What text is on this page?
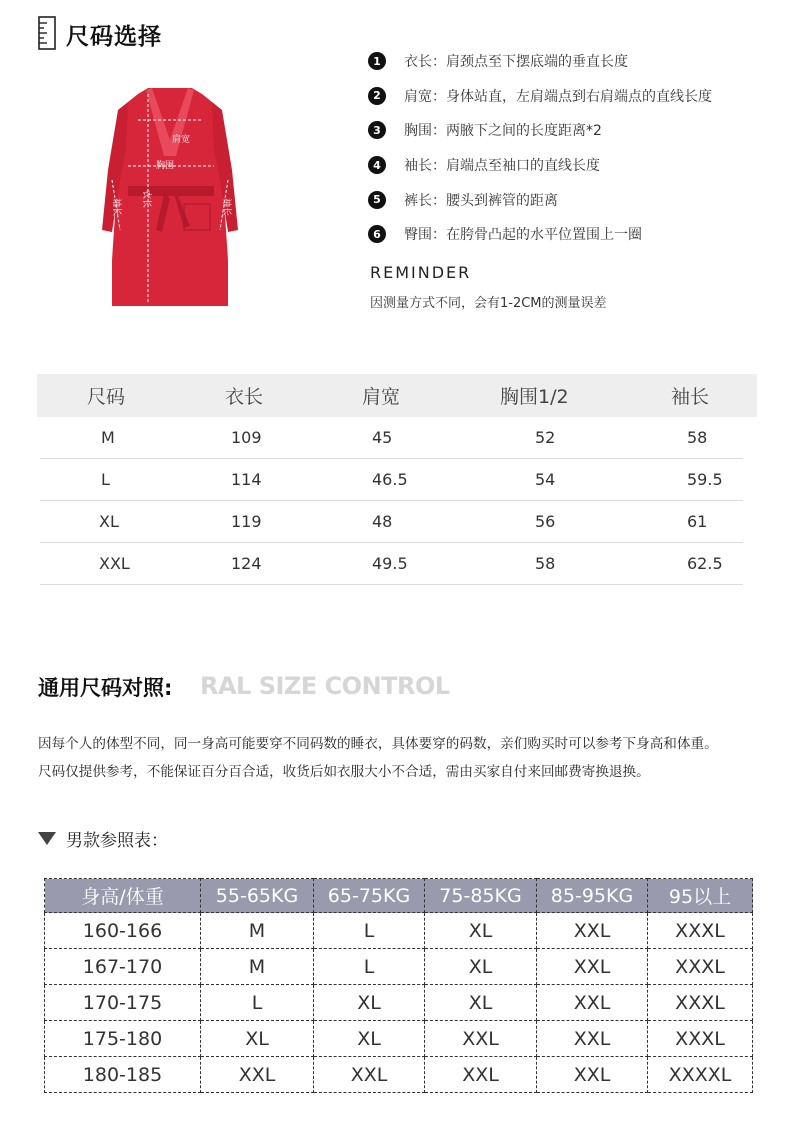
尺码选择
肩宽
胸围
衣长
袖长	袖长
1	衣长：肩颈点至下摆底端的垂直长度
2	肩宽：身体站直，左肩端点到右肩端点的直线长度
3	胸围：两腋下之间的长度距离*2
4	袖长：肩端点至袖口的直线长度
5	裤长：腰头到裤管的距离
6	臀围：在胯骨凸起的水平位置围上一圈
REMINDER
因测量方式不同，会有1-2CM的测量误差
尺码	衣长	肩宽	胸围1/2	袖长
M	109	45	52	58
L	114	46.5	54	59.5
XL	119	48	56	61
XXL	124	49.5	58	62.5
RAL SIZE CONTROL
通用尺码对照:
因每个人的体型不同，同一身高可能要穿不同码数的睡衣，具体要穿的码数，亲们购买时可以参考下身高和体重。
尺码仅提供参考，不能保证百分百合适，收货后如衣服大小不合适，需由买家自付来回邮费寄换退换。
男款参照表：
身高/体重	55-65KG	65-75KG	75-85KG	85-95KG	95以上
160-166	M	L	XL	XXL	XXXL
167-170	M	L	XL	XXL	XXXL
170-175	L	XL	XL	XXL	XXXL
175-180	XL	XL	XXL	XXL	XXXL
180-185	XXL	XXL	XXL	XXL	XXXXL
